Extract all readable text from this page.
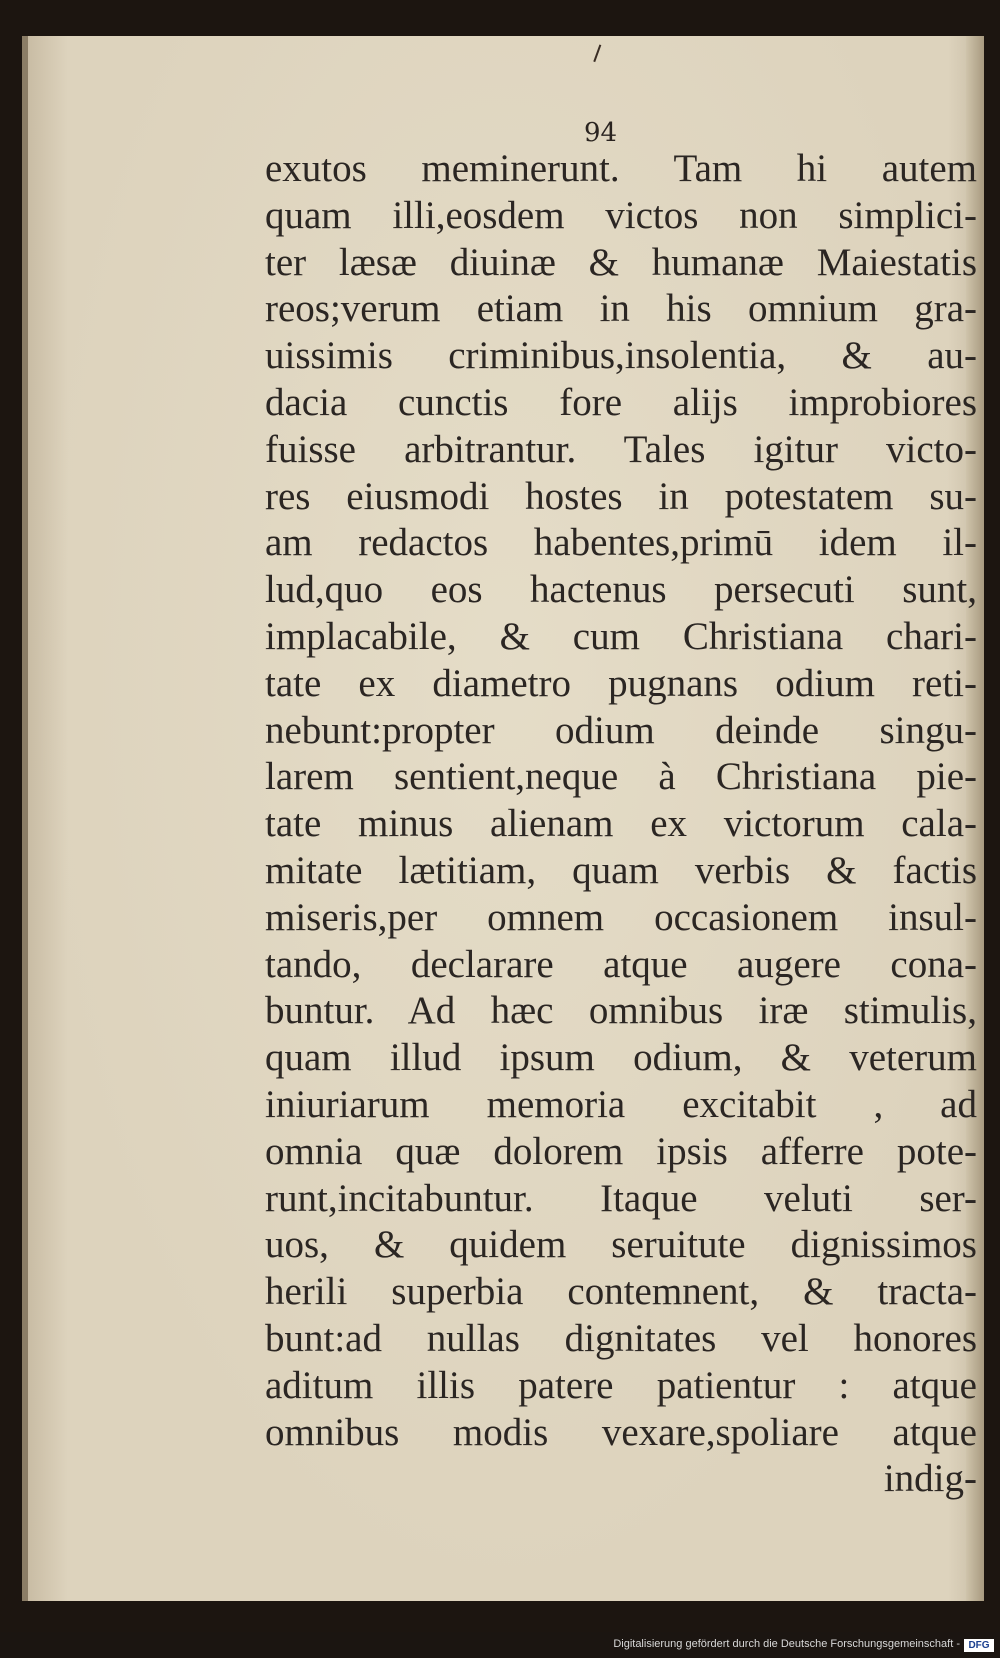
94
exutos meminerunt. Tam hi autem
quam illi,eosdem victos non simplici-
ter læsæ diuinæ & humanæ Maiestatis
reos;verum etiam in his omnium gra-
uissimis criminibus,insolentia, & au-
dacia cunctis fore alijs improbiores
fuisse arbitrantur. Tales igitur victo-
res eiusmodi hostes in potestatem su-
am redactos habentes,primū idem il-
lud,quo eos hactenus persecuti sunt,
implacabile, & cum Christiana chari-
tate ex diametro pugnans odium reti-
nebunt:propter odium deinde singu-
larem sentient,neque à Christiana pie-
tate minus alienam ex victorum cala-
mitate lætitiam, quam verbis & factis
miseris,per omnem occasionem insul-
tando, declarare atque augere cona-
buntur. Ad hæc omnibus iræ stimulis,
quam illud ipsum odium, & veterum
iniuriarum memoria excitabit , ad
omnia quæ dolorem ipsis afferre pote-
runt,incitabuntur. Itaque veluti ser-
uos, & quidem seruitute dignissimos
herili superbia contemnent, & tracta-
bunt:ad nullas dignitates vel honores
aditum illis patere patientur : atque
omnibus modis vexare,spoliare atque
indig-
Digitalisierung gefördert durch die Deutsche Forschungsgemeinschaft - DFG
